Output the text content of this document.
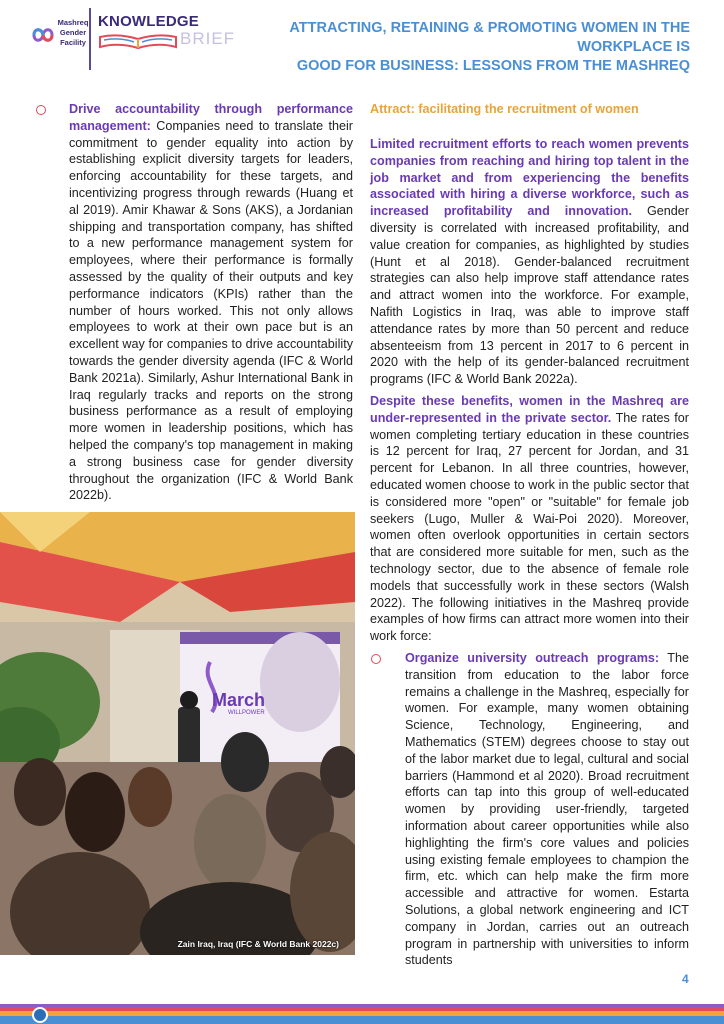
Mashreq
Gender
Facility
KNOWLEDGE
BRIEF
ATTRACTING, RETAINING & PROMOTING WOMEN IN THE WORKPLACE IS
GOOD FOR BUSINESS: LESSONS FROM THE MASHREQ
Drive accountability through performance management: Companies need to translate their commitment to gender equality into action by establishing explicit diversity targets for leaders, enforcing accountability for these targets, and incentivizing progress through rewards (Huang et al 2019). Amir Khawar & Sons (AKS), a Jordanian shipping and transportation company, has shifted to a new performance management system for employees, where their performance is formally assessed by the quality of their outputs and key performance indicators (KPIs) rather than the number of hours worked. This not only allows employees to work at their own pace but is an excellent way for companies to drive accountability towards the gender diversity agenda (IFC & World Bank 2021a). Similarly, Ashur International Bank in Iraq regularly tracks and reports on the strong business performance as a result of employing more women in leadership positions, which has helped the company's top management in making a strong business case for gender diversity throughout the organization (IFC & World Bank 2022b).
March
WILLPOWER
Zain Iraq, Iraq (IFC & World Bank 2022c)
Attract: facilitating the recruitment of women
Limited recruitment efforts to reach women prevents companies from reaching and hiring top talent in the job market and from experiencing the benefits associated with hiring a diverse workforce, such as increased profitability and innovation. Gender diversity is correlated with increased profitability, and value creation for companies, as highlighted by studies (Hunt et al 2018). Gender-balanced recruitment strategies can also help improve staff attendance rates and attract women into the workforce. For example, Nafith Logistics in Iraq, was able to improve staff attendance rates by more than 50 percent and reduce absenteeism from 13 percent in 2017 to 6 percent in 2020 with the help of its gender-balanced recruitment programs (IFC & World Bank 2022a).
Despite these benefits, women in the Mashreq are under-represented in the private sector. The rates for women completing tertiary education in these countries is 12 percent for Iraq, 27 percent for Jordan, and 31 percent for Lebanon. In all three countries, however, educated women choose to work in the public sector that is considered more "open" or "suitable" for female job seekers (Lugo, Muller & Wai-Poi 2020). Moreover, women often overlook opportunities in certain sectors that are considered more suitable for men, such as the technology sector, due to the absence of female role models that successfully work in these sectors (Walsh 2022). The following initiatives in the Mashreq provide examples of how firms can attract more women into their work force:
Organize university outreach programs: The transition from education to the labor force remains a challenge in the Mashreq, especially for women. For example, many women obtaining Science, Technology, Engineering, and Mathematics (STEM) degrees choose to stay out of the labor market due to legal, cultural and social barriers (Hammond et al 2020). Broad recruitment efforts can tap into this group of well-educated women by providing user-friendly, targeted information about career opportunities while also highlighting the firm's core values and policies using existing female employees to champion the firm, etc. which can help make the firm more accessible and attractive for women. Estarta Solutions, a global network engineering and ICT company in Jordan, carries out an outreach program in partnership with universities to inform students
4
